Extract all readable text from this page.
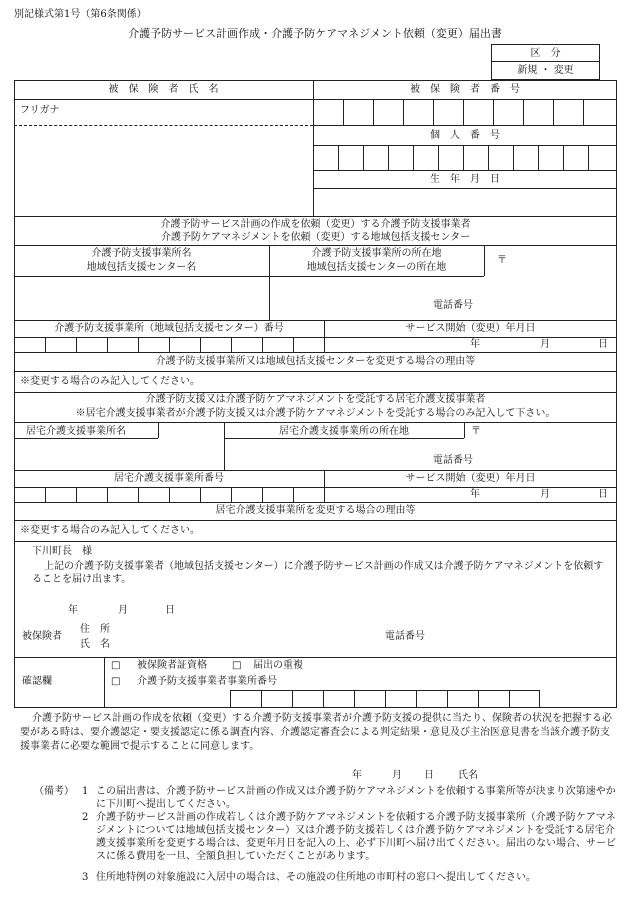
別記様式第1号（第6条関係）
介護予防サービス計画作成・介護予防ケアマネジメント依頼（変更）届出書
区　分
新規 ・ 変更
被　保　険　者　氏　名	被　保　険　者　番　号
フリガナ
個　人　番　号
生　年　月　日
介護予防サービス計画の作成を依頼（変更）する介護予防支援事業者
介護予防ケアマネジメントを依頼（変更）する地域包括支援センター
介護予防支援事業所名
地域包括支援センター名
介護予防支援事業所の所在地
地域包括支援センターの所在地
〒
電話番号
介護予防支援事業所（地域包括支援センター）番号	サービス開始（変更）年月日
年	月	日
介護予防支援事業所又は地域包括支援センターを変更する場合の理由等
※変更する場合のみ記入してください。
介護予防支援又は介護予防ケアマネジメントを受託する居宅介護支援事業者
※居宅介護支援事業者が介護予防支援又は介護予防ケアマネジメントを受託する場合のみ記入して下さい。
居宅介護支援事業所名	居宅介護支援事業所の所在地	〒
電話番号
居宅介護支援事業所番号	サービス開始（変更）年月日
年	月	日
居宅介護支援事業所を変更する場合の理由等
※変更する場合のみ記入してください。
下川町長　様
上記の介護予防支援事業者（地域包括支援センター）に介護予防サービス計画の作成又は介護予防ケアマネジメントを依頼することを届け出ます。
年	月	日
被保険者
住　所
氏　名
電話番号
確認欄
□ 被保険者証資格	□ 届出の重複
□ 介護予防支援事業者事業所番号
介護予防サービス計画の作成を依頼（変更）する介護予防支援事業者が介護予防支援の提供に当たり、保険者の状況を把握する必要がある時は、要介護認定・要支援認定に係る調査内容、介護認定審査会による判定結果・意見及び主治医意見書を当該介護予防支援事業者に必要な範囲で提示することに同意します。
年	月 日 氏名
（備考） 1 この届出書は、介護予防サービス計画の作成又は介護予防ケアマネジメントを依頼する事業所等が決まり次第速やかに下川町へ提出してください。
2 介護予防サービス計画の作成若しくは介護予防ケアマネジメントを依頼する介護予防支援事業所（介護予防ケアマネジメントについては地域包括支援センター）又は介護予防支援若しくは介護予防ケアマネジメントを受託する居宅介護支援事業所を変更する場合は、変更年月日を記入の上、必ず下川町へ届け出てください。届出のない場合、サービスに係る費用を一旦、全額負担していただくことがあります。
3 住所地特例の対象施設に入居中の場合は、その施設の住所地の市町村の窓口へ提出してください。
